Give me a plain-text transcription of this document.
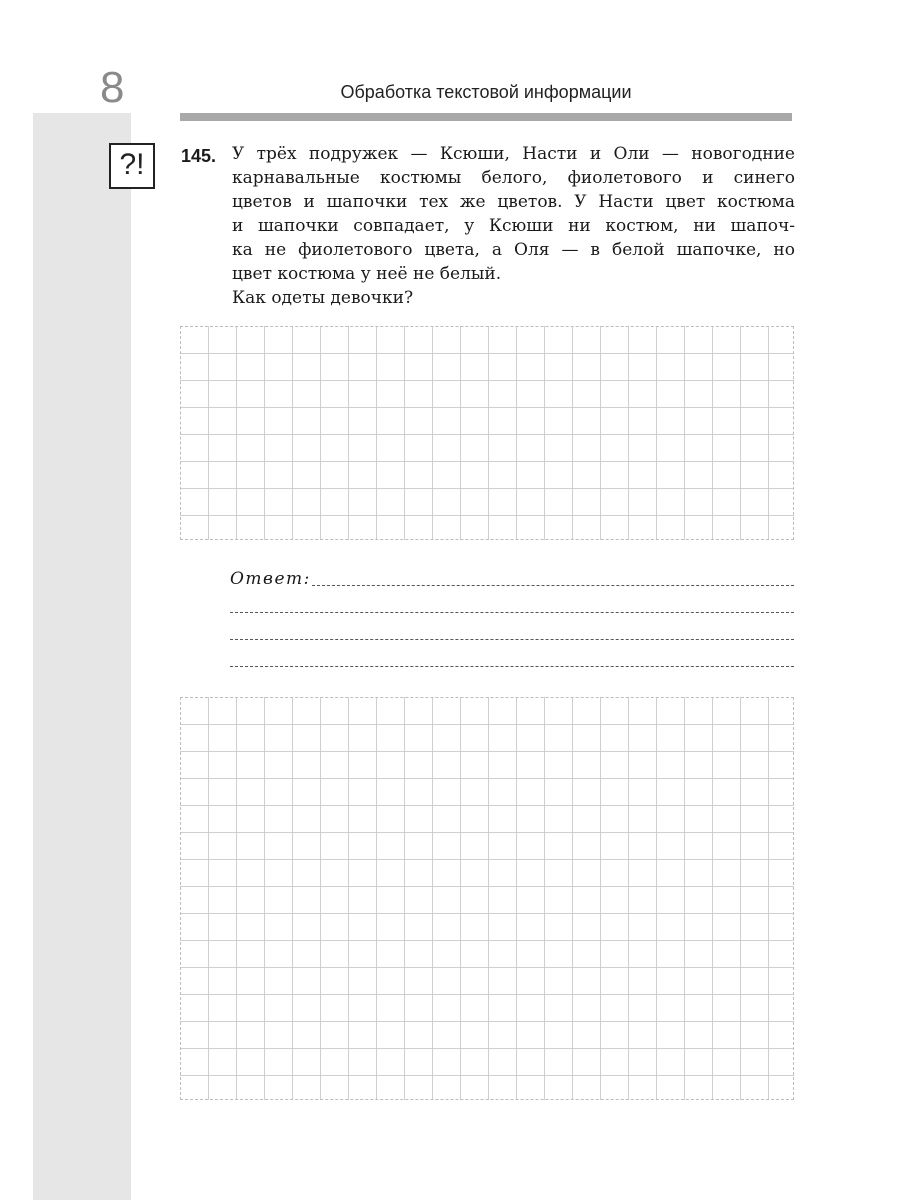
8	Обработка текстовой информации
?!	145. У трёх подружек — Ксюши, Насти и Оли — новогодние
карнавальные костюмы белого, фиолетового и синего
цветов и шапочки тех же цветов. У Насти цвет костюма
и шапочки совпадает, у Ксюши ни костюм, ни шапоч-
ка не фиолетового цвета, а Оля — в белой шапочке, но
цвет костюма у неё не белый.
Как одеты девочки?
Ответ:
